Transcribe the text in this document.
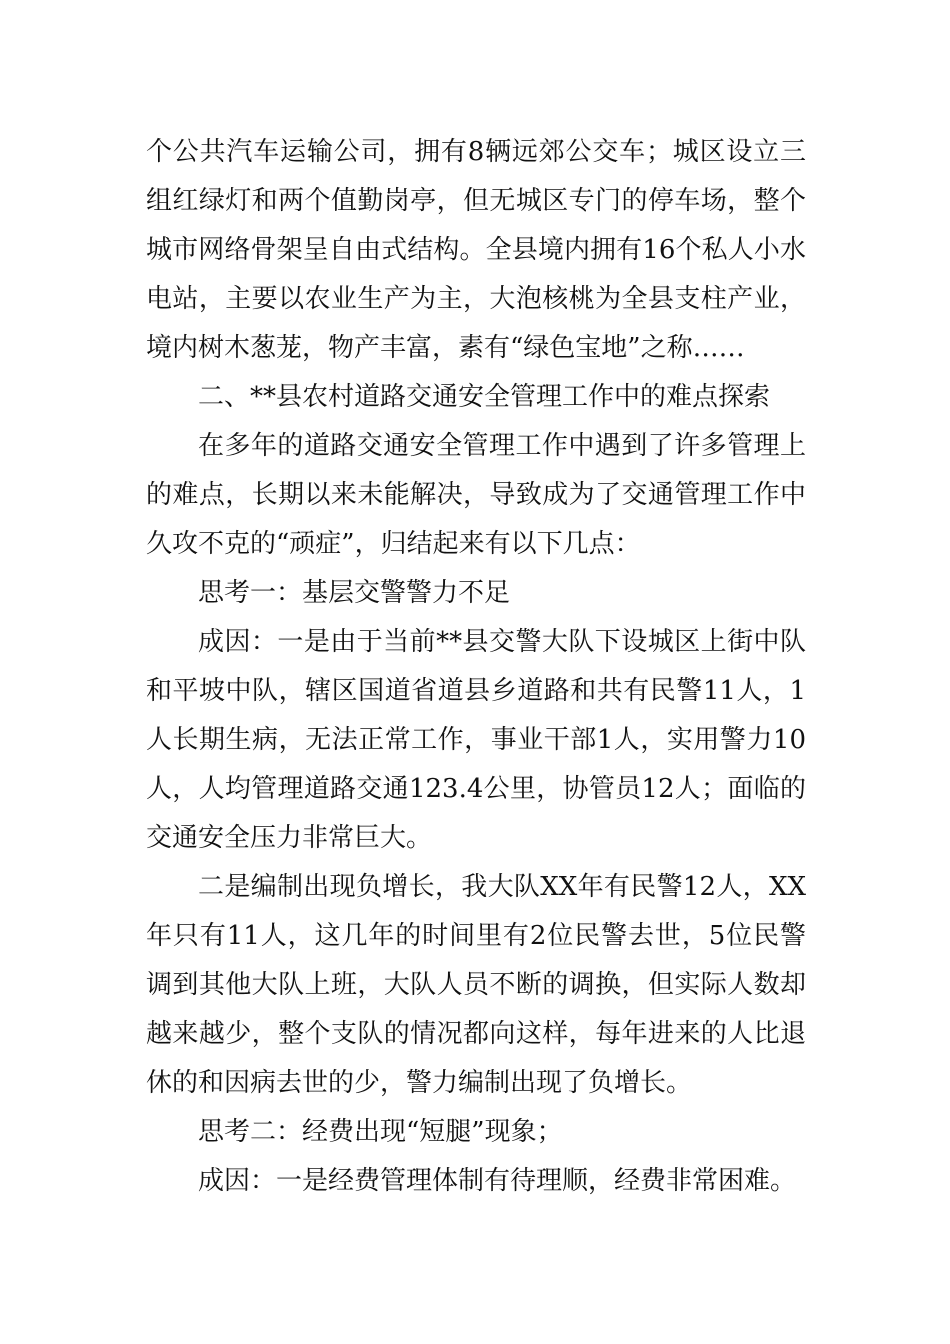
个公共汽车运输公司，拥有8辆远郊公交车；城区设立三组红绿灯和两个值勤岗亭，但无城区专门的停车场，整个城市网络骨架呈自由式结构。全县境内拥有16个私人小水电站，主要以农业生产为主，大泡核桃为全县支柱产业，境内树木葱茏，物产丰富，素有“绿色宝地”之称……

二、**县农村道路交通安全管理工作中的难点探索

在多年的道路交通安全管理工作中遇到了许多管理上的难点，长期以来未能解决，导致成为了交通管理工作中久攻不克的“顽症”，归结起来有以下几点：

思考一：基层交警警力不足

成因：一是由于当前**县交警大队下设城区上街中队和平坡中队，辖区国道省道县乡道路和共有民警11人，1人长期生病，无法正常工作，事业干部1人，实用警力10人，人均管理道路交通123.4公里，协管员12人；面临的交通安全压力非常巨大。

二是编制出现负增长，我大队XX年有民警12人，XX年只有11人，这几年的时间里有2位民警去世，5位民警调到其他大队上班，大队人员不断的调换，但实际人数却越来越少，整个支队的情况都向这样，每年进来的人比退休的和因病去世的少，警力编制出现了负增长。

思考二：经费出现“短腿”现象；

成因：一是经费管理体制有待理顺，经费非常困难。
